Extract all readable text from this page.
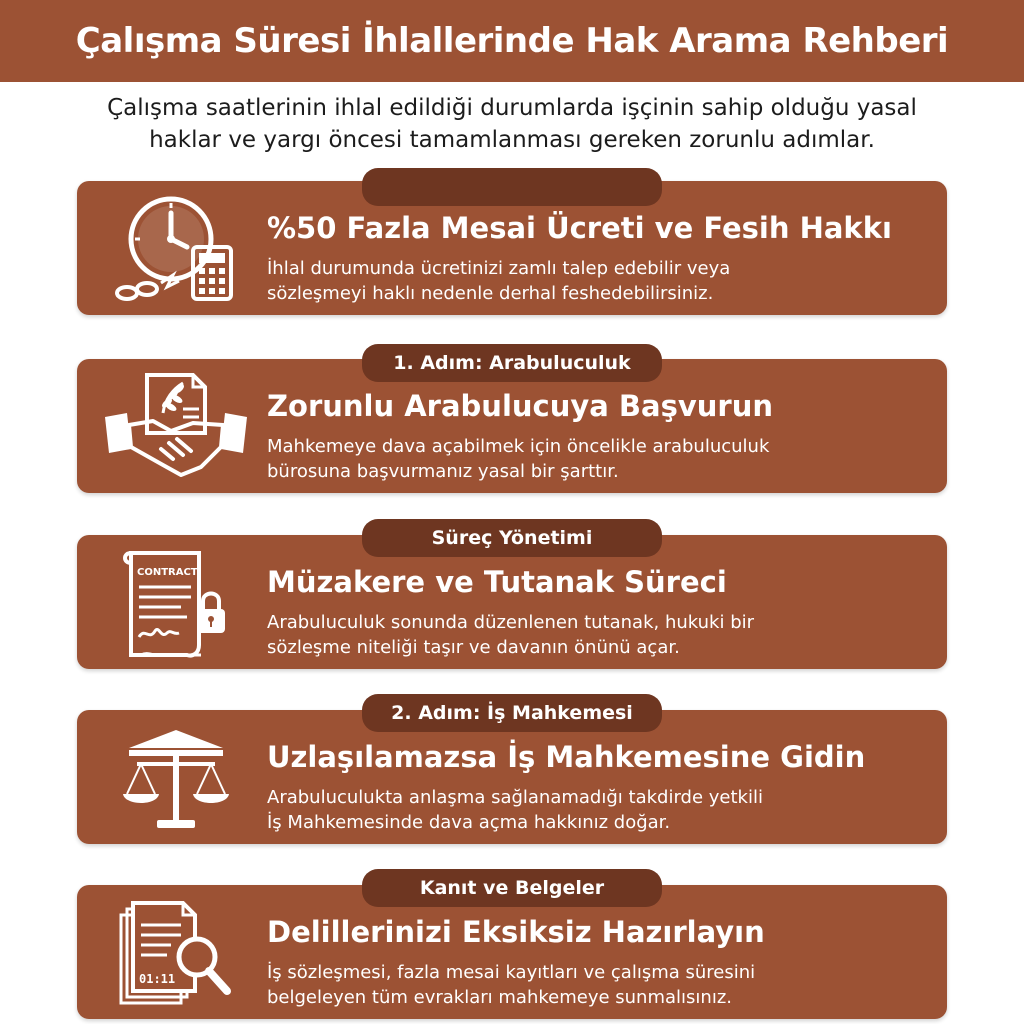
Çalışma Süresi İhlallerinde Hak Arama Rehberi
Çalışma saatlerinin ihlal edildiği durumlarda işçinin sahip olduğu yasal
haklar ve yargı öncesi tamamlanması gereken zorunlu adımlar.
%50 Fazla Mesai Ücreti ve Fesih Hakkı
İhlal durumunda ücretinizi zamlı talep edebilir veya
sözleşmeyi haklı nedenle derhal feshedebilirsiniz.
Zorunlu Arabulucuya Başvurun
Mahkemeye dava açabilmek için öncelikle arabuluculuk
bürosuna başvurmanız yasal bir şarttır.
1. Adım: Arabuluculuk
CONTRACT Müzakere ve Tutanak Süreci
Arabuluculuk sonunda düzenlenen tutanak, hukuki bir
sözleşme niteliği taşır ve davanın önünü açar.
Süreç Yönetimi
Uzlaşılamazsa İş Mahkemesine Gidin
Arabuluculukta anlaşma sağlanamadığı takdirde yetkili
İş Mahkemesinde dava açma hakkınız doğar.
2. Adım: İş Mahkemesi
01:11
Delillerinizi Eksiksiz Hazırlayın
İş sözleşmesi, fazla mesai kayıtları ve çalışma süresini
belgeleyen tüm evrakları mahkemeye sunmalısınız.
Kanıt ve Belgeler
